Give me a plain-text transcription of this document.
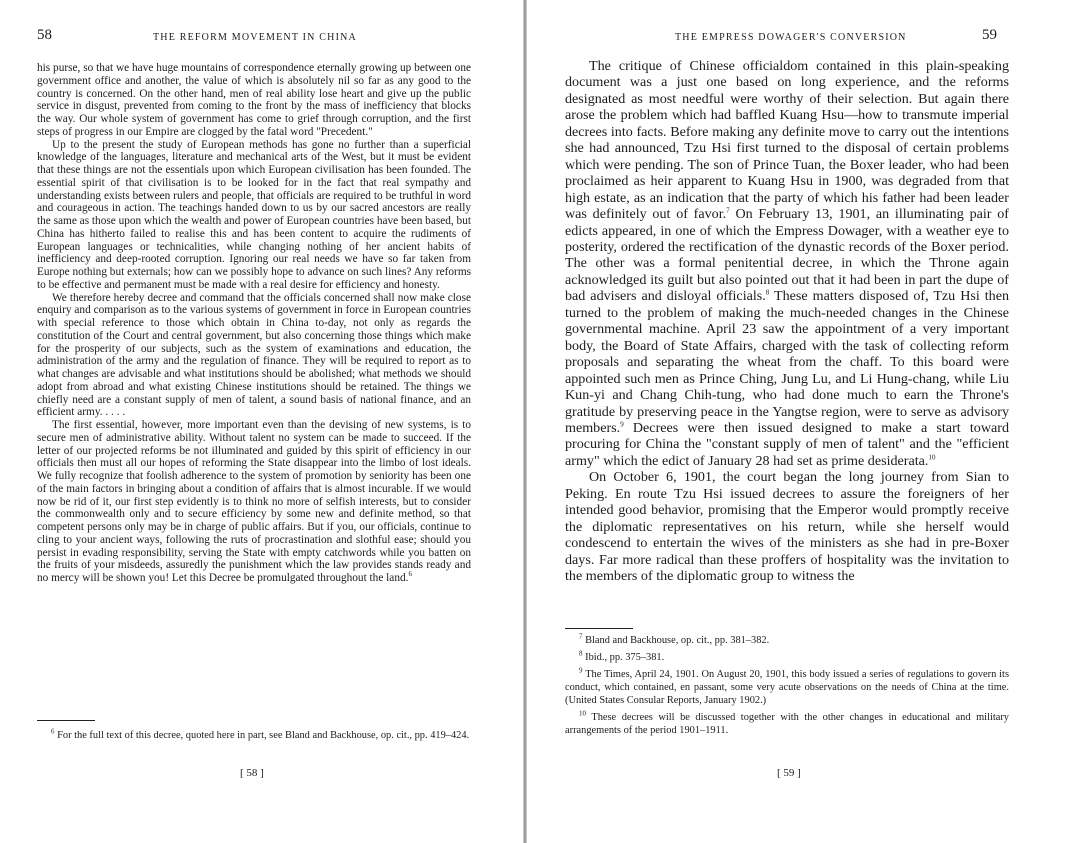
58	THE REFORM MOVEMENT IN CHINA

his purse, so that we have huge mountains of correspondence eternally growing up between one government office and another, the value of which is absolutely nil so far as any good to the country is concerned. On the other hand, men of real ability lose heart and give up the public service in disgust, prevented from coming to the front by the mass of inefficiency that blocks the way. Our whole system of government has come to grief through corruption, and the first steps of progress in our Empire are clogged by the fatal word "Precedent."

Up to the present the study of European methods has gone no further than a superficial knowledge of the languages, literature and mechanical arts of the West, but it must be evident that these things are not the essentials upon which European civilisation has been founded. The essential spirit of that civilisation is to be looked for in the fact that real sympathy and understanding exists between rulers and people, that officials are required to be truthful in word and courageous in action. The teachings handed down to us by our sacred ancestors are really the same as those upon which the wealth and power of European countries have been based, but China has hitherto failed to realise this and has been content to acquire the rudiments of European languages or technicalities, while changing nothing of her ancient habits of inefficiency and deep-rooted corruption. Ignoring our real needs we have so far taken from Europe nothing but externals; how can we possibly hope to advance on such lines? Any reforms to be effective and permanent must be made with a real desire for efficiency and honesty.

We therefore hereby decree and command that the officials concerned shall now make close enquiry and comparison as to the various systems of government in force in European countries with special reference to those which obtain in China to-day, not only as regards the constitution of the Court and central government, but also concerning those things which make for the prosperity of our subjects, such as the system of examinations and education, the administration of the army and the regulation of finance. They will be required to report as to what changes are advisable and what institutions should be abolished; what methods we should adopt from abroad and what existing Chinese institutions should be retained. The things we chiefly need are a constant supply of men of talent, a sound basis of national finance, and an efficient army. . . . .

The first essential, however, more important even than the devising of new systems, is to secure men of administrative ability. Without talent no system can be made to succeed. If the letter of our projected reforms be not illuminated and guided by this spirit of efficiency in our officials then must all our hopes of reforming the State disappear into the limbo of lost ideals. We fully recognize that foolish adherence to the system of promotion by seniority has been one of the main factors in bringing about a condition of affairs that is almost incurable. If we would now be rid of it, our first step evidently is to think no more of selfish interests, but to consider the commonwealth only and to secure efficiency by some new and definite method, so that competent persons only may be in charge of public affairs. But if you, our officials, continue to cling to your ancient ways, following the ruts of procrastination and slothful ease; should you persist in evading responsibility, serving the State with empty catchwords while you batten on the fruits of your misdeeds, assuredly the punishment which the law provides stands ready and no mercy will be shown you! Let this Decree be promulgated throughout the land.$^6$

$^6$ For the full text of this decree, quoted here in part, see Bland and Backhouse, op. cit., pp. 419–424.

[ 58 ]
THE EMPRESS DOWAGER'S CONVERSION	59

The critique of Chinese officialdom contained in this plain-speaking document was a just one based on long experience, and the reforms designated as most needful were worthy of their selection. But again there arose the problem which had baffled Kuang Hsu—how to transmute imperial decrees into facts. Before making any definite move to carry out the intentions she had announced, Tzu Hsi first turned to the disposal of certain problems which were pending. The son of Prince Tuan, the Boxer leader, who had been proclaimed as heir apparent to Kuang Hsu in 1900, was degraded from that high estate, as an indication that the party of which his father had been leader was definitely out of favor.$^7$ On February 13, 1901, an illuminating pair of edicts appeared, in one of which the Empress Dowager, with a weather eye to posterity, ordered the rectification of the dynastic records of the Boxer period. The other was a formal penitential decree, in which the Throne again acknowledged its guilt but also pointed out that it had been in part the dupe of bad advisers and disloyal officials.$^8$ These matters disposed of, Tzu Hsi then turned to the problem of making the much-needed changes in the Chinese governmental machine. April 23 saw the appointment of a very important body, the Board of State Affairs, charged with the task of collecting reform proposals and separating the wheat from the chaff. To this board were appointed such men as Prince Ching, Jung Lu, and Li Hung-chang, while Liu Kun-yi and Chang Chih-tung, who had done much to earn the Throne's gratitude by preserving peace in the Yangtse region, were to serve as advisory members.$^9$ Decrees were then issued designed to make a start toward procuring for China the "constant supply of men of talent" and the "efficient army" which the edict of January 28 had set as prime desiderata.$^{10}$

On October 6, 1901, the court began the long journey from Sian to Peking. En route Tzu Hsi issued decrees to assure the foreigners of her intended good behavior, promising that the Emperor would promptly receive the diplomatic representatives on his return, while she herself would condescend to entertain the wives of the ministers as she had in pre-Boxer days. Far more radical than these proffers of hospitality was the invitation to the members of the diplomatic group to witness the

$^7$ Bland and Backhouse, op. cit., pp. 381–382.

$^8$ Ibid., pp. 375–381.

$^9$ The Times, April 24, 1901. On August 20, 1901, this body issued a series of regulations to govern its conduct, which contained, en passant, some very acute observations on the needs of China at the time. (United States Consular Reports, January 1902.)

$^{10}$ These decrees will be discussed together with the other changes in educational and military arrangements of the period 1901–1911.

[ 59 ]
